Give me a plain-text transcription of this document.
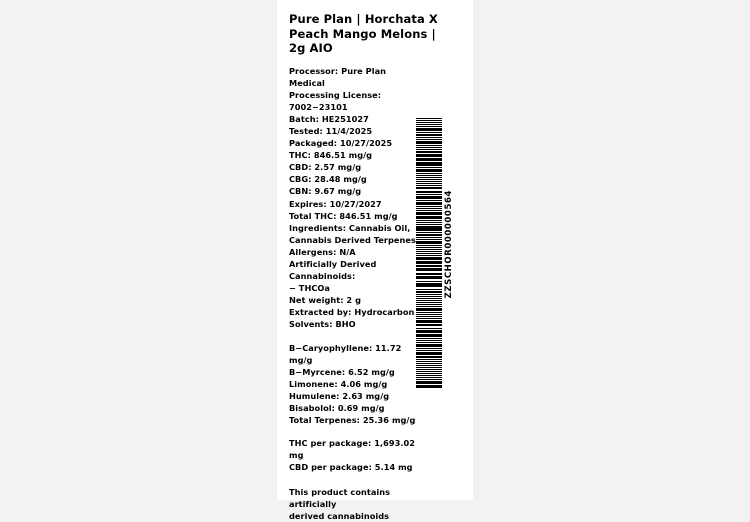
Pure Plan | Horchata X Peach Mango Melons | 2g AIO
Processor: Pure Plan Medical
Processing License:
7002−23101
Batch: HE251027
Tested: 11/4/2025
Packaged: 10/27/2025
THC: 846.51 mg/g
CBD: 2.57 mg/g
CBG: 28.48 mg/g
CBN: 9.67 mg/g
Expires: 10/27/2027
Total THC: 846.51 mg/g
Ingredients: Cannabis Oil,
Cannabis Derived Terpenes
Allergens: N/A
Artificially Derived
Cannabinoids:
− THCOa
Net weight: 2 g
Extracted by: Hydrocarbon
Solvents: BHO
B−Caryophyllene: 11.72 mg/g
B−Myrcene: 6.52 mg/g
Limonene: 4.06 mg/g
Humulene: 2.63 mg/g
Bisabolol: 0.69 mg/g
Total Terpenes: 25.36 mg/g
THC per package: 1,693.02 mg
CBD per package: 5.14 mg
This product contains artificially
derived cannabinoids
ZZSCHOR000000564
